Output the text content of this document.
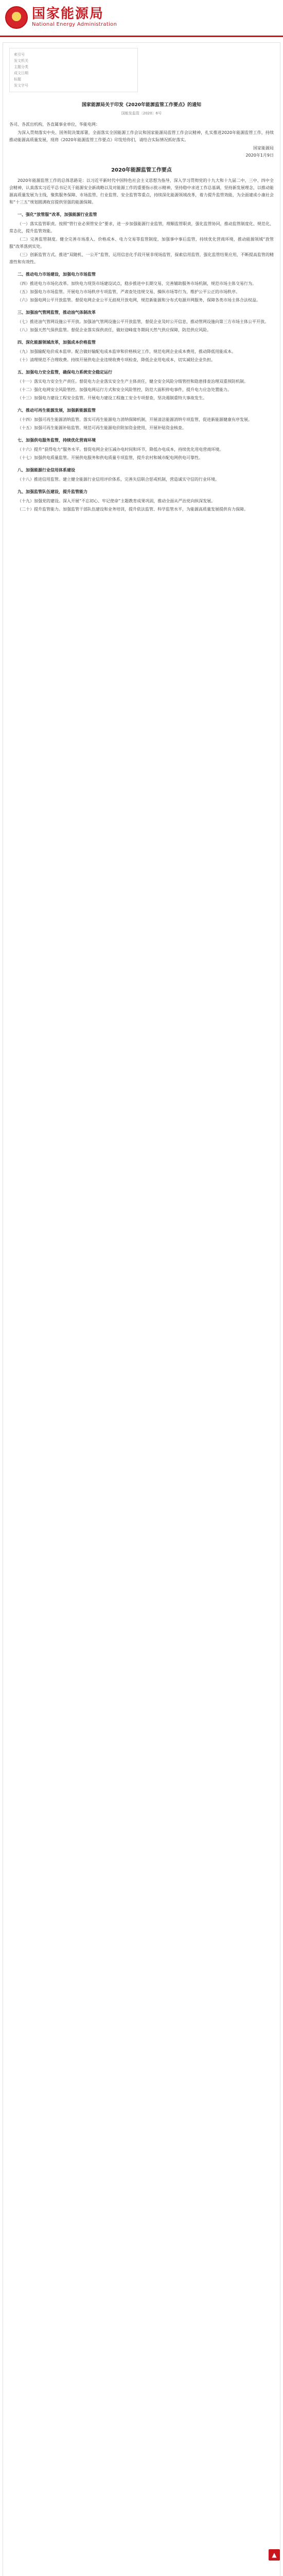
国家能源局
National Energy Administration
索引号
发文机关
主题分类
成文日期
标题
发文字号
国家能源局关于印发《2020年能源监管工作要点》的通知
国能发监管〔2020〕6号
各司、各派出机构，各直属事业单位，华能电网：

为深入贯彻落实中央、国务院决策部署，全面落实全国能源工作会议和国家能源局监管工作会议精神，扎实推进2020年能源监管工作，持续推动能源高质量发展，现将《2020年能源监管工作要点》印发给你们，请结合实际情况抓好落实。

国家能源局
2020年1月9日
2020年能源监管工作要点

2020年能源监管工作的总体思路是：以习近平新时代中国特色社会主义思想为指导，深入学习贯彻党的十九大和十九届二中、三中、四中全会精神，认真落实习近平总书记关于能源安全新战略以及对能源工作的重要指示批示精神，坚持稳中求进工作总基调，坚持新发展理念，以推动能源高质量发展为主线，聚焦服务保障、市场监管、行业监管、安全监管等重点，持续深化能源领域改革，着力提升监管效能，为全面建成小康社会和“十三五”规划圆满收官提供坚强的能源保障。

一、强化“放管服”改革，加强能源行业监管

（一）落实监管职责。按照“管行业必须管安全”要求，进一步加强能源行业监管，理顺监管职责，强化监管协同，推动监管制度化、规范化、常态化，提升监管效能。

（二）完善监管制度。健全完善市场准入、价格成本、电力交易等监管制度，加强事中事后监管，持续优化营商环境，推动能源领域“放管服”改革落到实处。

（三）创新监管方式。推进“双随机、一公开”监管，运用信息化手段开展非现场监管，探索信用监管，强化监管结果应用，不断提高监管的精准性和有效性。

二、推动电力市场建设，加强电力市场监管

（四）推进电力市场化改革。加快电力现货市场建设试点，稳步推进中长期交易，完善辅助服务市场机制，规范市场主体交易行为。

（五）加强电力市场监管。开展电力市场秩序专项监管，严肃查处违规交易、操纵市场等行为，维护公平公正的市场秩序。

（六）加强电网公平开放监管。督促电网企业公平无歧视开放电网，规范新能源和分布式电源并网服务，保障各类市场主体合法权益。

三、加强油气管网监管，推动油气体制改革

（七）推进油气管网设施公平开放。加强油气管网设施公平开放监管，督促企业及时公开信息，推动管网设施向第三方市场主体公平开放。

（八）加强天然气保供监管。督促企业落实保供责任，做好迎峰度冬期间天然气供应保障，防范供应风险。

四、深化能源领域改革，加强成本价格监管

（九）加强输配电价成本监审。配合做好输配电成本监审和价格核定工作，规范电网企业成本费用，推动降低用能成本。

（十）清理规范不合理收费。持续开展供电企业违规收费专项检查，降低企业用电成本，切实减轻企业负担。

五、加强电力安全监管，确保电力系统安全稳定运行

（十一）落实电力安全生产责任。督促电力企业落实安全生产主体责任，健全安全风险分级管控和隐患排查治理双重预防机制。

（十二）强化电网安全风险管控。加强电网运行方式和安全风险管控，防范大面积停电事件，提升电力应急处置能力。

（十三）加强电力建设工程安全监管。开展电力建设工程施工安全专项督查，坚决遏制重特大事故发生。

六、推动可再生能源发展，加强新能源监管

（十四）加强可再生能源消纳监管。落实可再生能源电力消纳保障机制，开展清洁能源消纳专项监管，促进新能源健康有序发展。

（十五）加强可再生能源补贴监管。规范可再生能源电价附加资金使用，开展补贴资金核查。

七、加强供电服务监管，持续优化营商环境

（十六）提升“获得电力”服务水平。督促电网企业压减办电时间和环节，降低办电成本，持续优化用电营商环境。

（十七）加强供电质量监管。开展供电服务和供电质量专项监管，提升农村和城市配电网供电可靠性。

八、加强能源行业信用体系建设

（十八）推进信用监管。建立健全能源行业信用评价体系，完善失信联合惩戒机制，营造诚实守信的行业环境。

九、加强监管队伍建设，提升监管能力

（十九）加强党的建设。深入开展“不忘初心、牢记使命”主题教育成果巩固，推动全面从严治党向纵深发展。

（二十）提升监管能力。加强监管干部队伍建设和业务培训，提升依法监管、科学监管水平，为能源高质量发展提供有力保障。

▲
